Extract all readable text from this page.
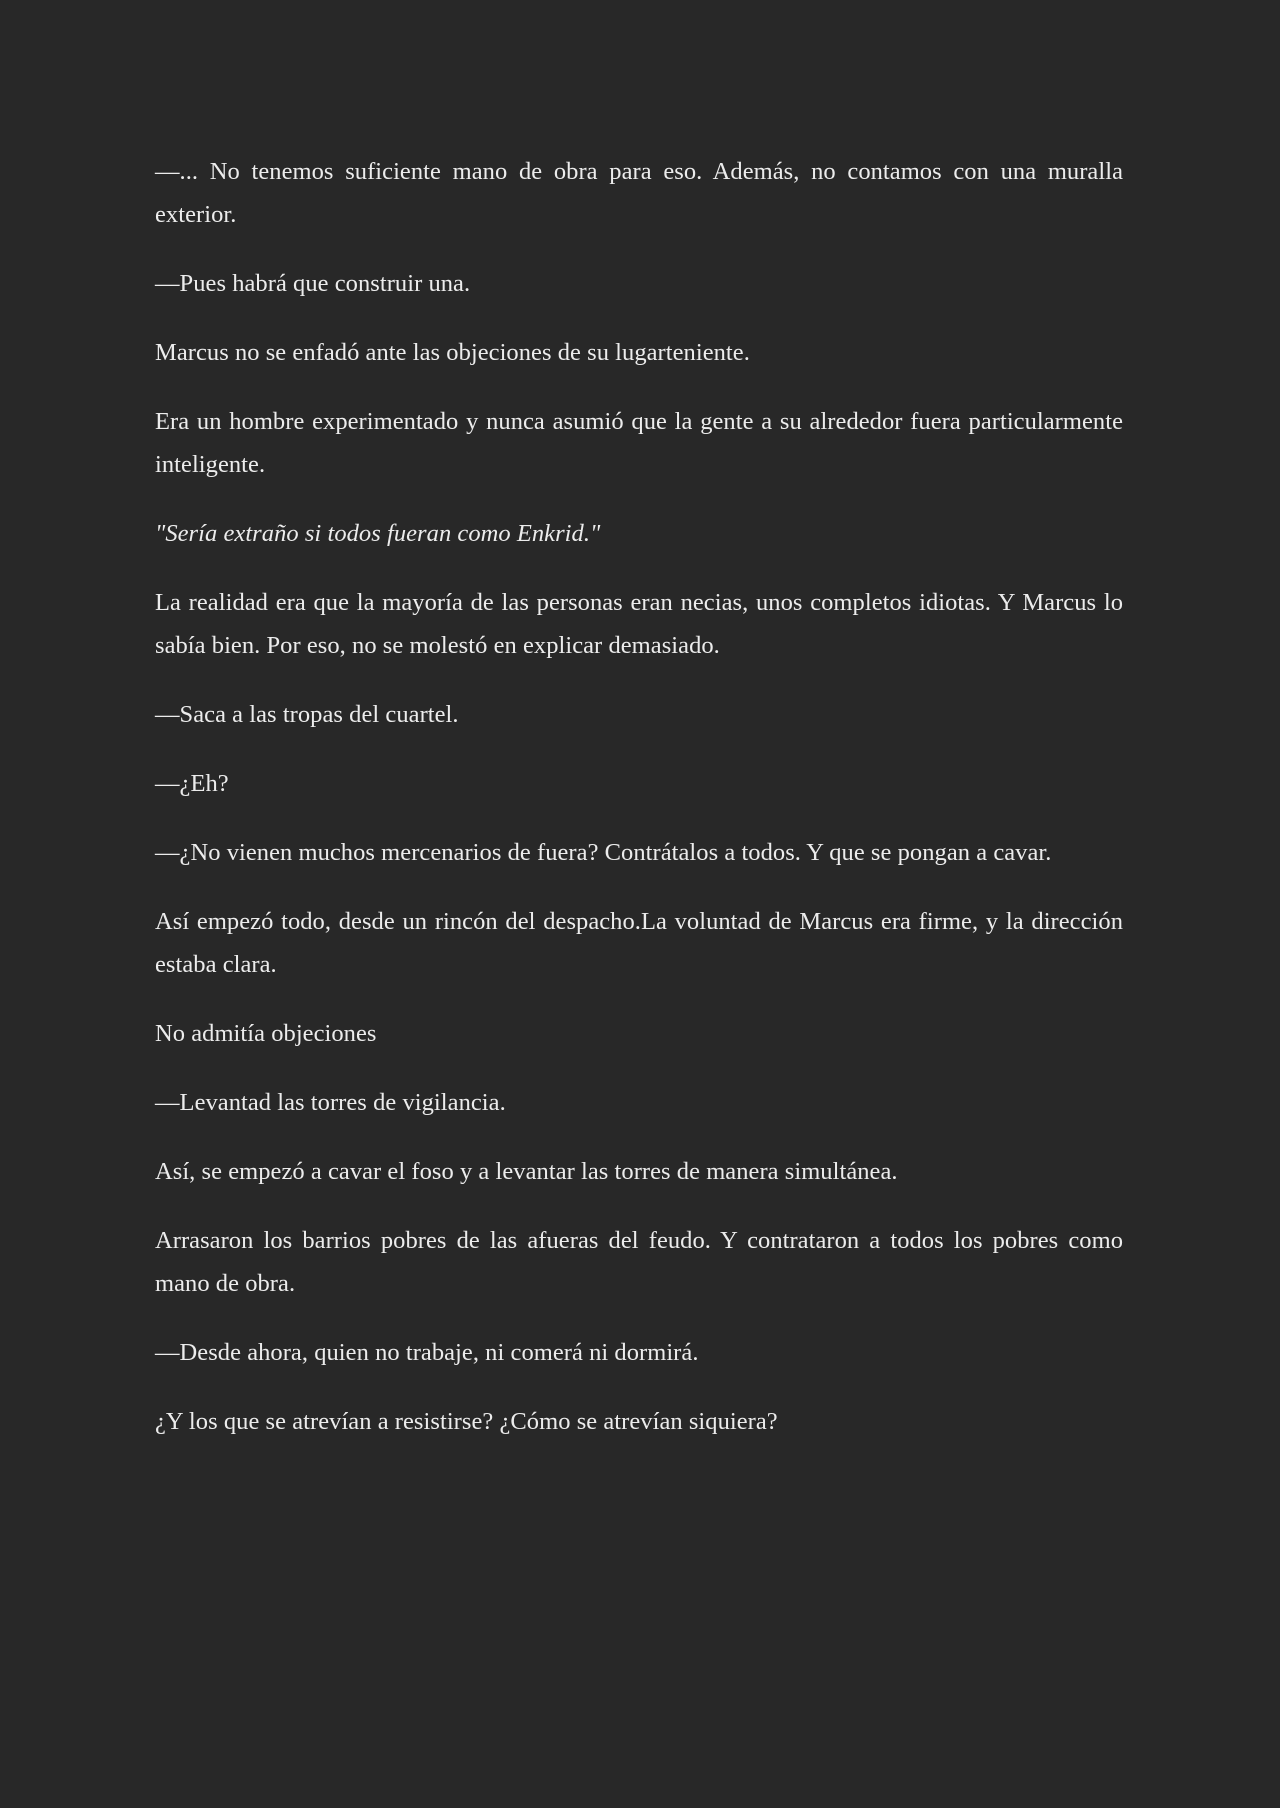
—... No tenemos suficiente mano de obra para eso. Además, no contamos con una muralla exterior.

—Pues habrá que construir una.

Marcus no se enfadó ante las objeciones de su lugarteniente.

Era un hombre experimentado y nunca asumió que la gente a su alrededor fuera particularmente inteligente.

"Sería extraño si todos fueran como Enkrid."

La realidad era que la mayoría de las personas eran necias, unos completos idiotas. Y Marcus lo sabía bien. Por eso, no se molestó en explicar demasiado.

—Saca a las tropas del cuartel.

—¿Eh?

—¿No vienen muchos mercenarios de fuera? Contrátalos a todos. Y que se pongan a cavar.

Así empezó todo, desde un rincón del despacho.La voluntad de Marcus era firme, y la dirección estaba clara.

No admitía objeciones

—Levantad las torres de vigilancia.

Así, se empezó a cavar el foso y a levantar las torres de manera simultánea.

Arrasaron los barrios pobres de las afueras del feudo. Y contrataron a todos los pobres como mano de obra.

—Desde ahora, quien no trabaje, ni comerá ni dormirá.

¿Y los que se atrevían a resistirse? ¿Cómo se atrevían siquiera?
